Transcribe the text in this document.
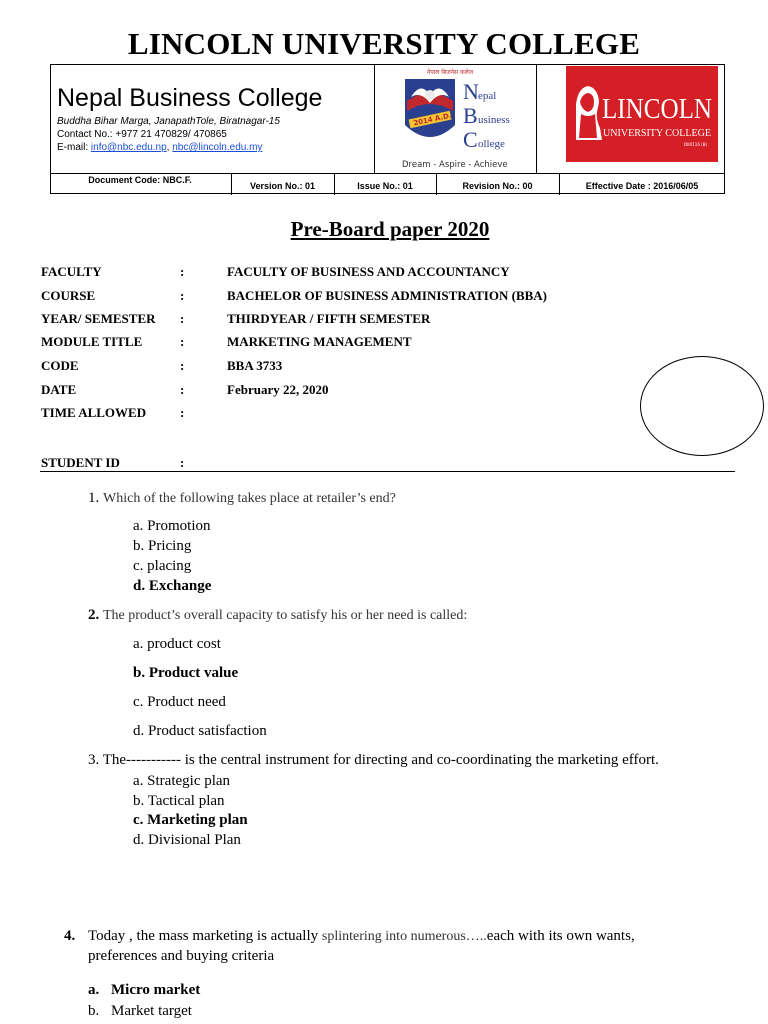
LINCOLN UNIVERSITY COLLEGE
Nepal Business College
Buddha Bihar Marga, JanapathTole, Biratnagar-15
Contact No.: +977 21 470829/ 470865
E-mail: info@nbc.edu.np, nbc@lincoln.edu.my
नेपाल बिजनेस कलेज
2014 A.D.
N epal
B usiness
C ollege
Dream - Aspire - Achieve
LINCOLN
UNIVERSITY COLLEGE
DK0116 (B)
Document Code: NBC.F.
Version No.: 01	Issue No.: 01	Revision No.: 00	Effective Date : 2016/06/05
Pre-Board paper 2020
FACULTY	:	FACULTY OF BUSINESS AND ACCOUNTANCY
COURSE	:	BACHELOR OF BUSINESS ADMINISTRATION (BBA)
YEAR/ SEMESTER :	THIRDYEAR / FIFTH SEMESTER
MODULE TITLE	:	MARKETING MANAGEMENT
CODE	:	BBA 3733
DATE	:	February 22, 2020
TIME ALLOWED	:
STUDENT ID	:
1. Which of the following takes place at retailer’s end?
a. Promotion
b. Pricing
c. placing
d. Exchange
2. The product’s overall capacity to satisfy his or her need is called:
a. product cost
b. Product value
c. Product need
d. Product satisfaction
3. The----------- is the central instrument for directing and co-coordinating the marketing effort.
a. Strategic plan
b. Tactical plan
c. Marketing plan
d. Divisional Plan
4. Today , the mass marketing is actually splintering into numerous…..each with its own wants,
preferences and buying criteria
a. Micro market
b. Market target
